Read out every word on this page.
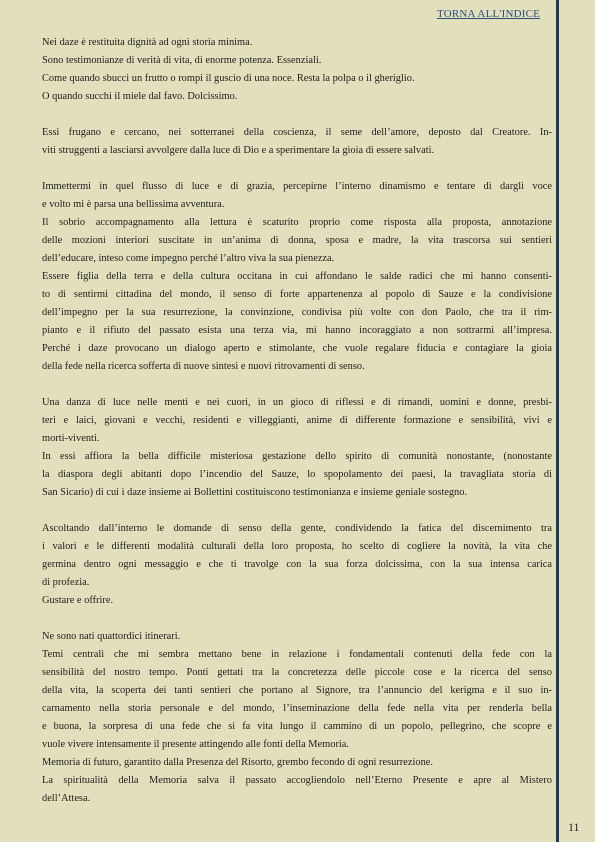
TORNA ALL'INDICE
Nei daze è restituita dignità ad ogni storia minima.
Sono testimonianze di verità di vita, di enorme potenza. Essenziali.
Come quando sbucci un frutto o rompi il guscio di una noce. Resta la polpa o il gheriglio.
O quando succhi il miele dal favo. Dolcissimo.
Essi frugano e cercano, nei sotterranei della coscienza, il seme dell’amore, deposto dal Creatore. In-
viti struggenti a lasciarsi avvolgere dalla luce di Dio e a sperimentare la gioia di essere salvati.
Immettermi in quel flusso di luce e di grazia, percepirne l’interno dinamismo e tentare di dargli voce
e volto mi è parsa una bellissima avventura.
Il sobrio accompagnamento alla lettura è scaturito proprio come risposta alla proposta, annotazione
delle mozioni interiori suscitate in un’anima di donna, sposa e madre, la vita trascorsa sui sentieri
dell’educare, inteso come impegno perché l’altro viva la sua pienezza.
Essere figlia della terra e della cultura occitana in cui affondano le salde radici che mi hanno consenti-
to di sentirmi cittadina del mondo, il senso di forte appartenenza al popolo di Sauze e la condivisione
dell’impegno per la sua resurrezione, la convinzione, condivisa più volte con don Paolo, che tra il rim-
pianto e il rifiuto del passato esista una terza via, mi hanno incoraggiato a non sottrarmi all’impresa.
Perché i daze provocano un dialogo aperto e stimolante, che vuole regalare fiducia e contagiare la gioia
della fede nella ricerca sofferta di nuove sintesi e nuovi ritrovamenti di senso.
Una danza di luce nelle menti e nei cuori, in un gioco di riflessi e di rimandi, uomini e donne, presbi-
teri e laici, giovani e vecchi, residenti e villeggianti, anime di differente formazione e sensibilità, vivi e
morti-viventi.
In essi affiora la bella difficile misteriosa gestazione dello spirito di comunità nonostante, (nonostante
la diaspora degli abitanti dopo l’incendio del Sauze, lo spopolamento dei paesi, la travagliata storia di
San Sicario) di cui i daze insieme ai Bollettini costituiscono testimonianza e insieme geniale sostegno.
Ascoltando dall’interno le domande di senso della gente, condividendo la fatica del discernimento tra
i valori e le differenti modalità culturali della loro proposta, ho scelto di cogliere la novità, la vita che
germina dentro ogni messaggio e che ti travolge con la sua forza dolcissima, con la sua intensa carica
di profezia.
Gustare e offrire.
Ne sono nati quattordici itinerari.
Temi centrali che mi sembra mettano bene in relazione i fondamentali contenuti della fede con la
sensibilità del nostro tempo. Ponti gettati tra la concretezza delle piccole cose e la ricerca del senso
della vita, la scoperta dei tanti sentieri che portano al Signore, tra l’annuncio del kerigma e il suo in-
carnamento nella storia personale e del mondo, l’inseminazione della fede nella vita per renderla bella
e buona, la sorpresa di una fede che si fa vita lungo il cammino di un popolo, pellegrino, che scopre e
vuole vivere intensamente il presente attingendo alle fonti della Memoria.
Memoria di futuro, garantito dalla Presenza del Risorto, grembo fecondo di ogni resurrezione.
La spiritualità della Memoria salva il passato accogliendolo nell’Eterno Presente e apre al Mistero
dell’Attesa.
11
